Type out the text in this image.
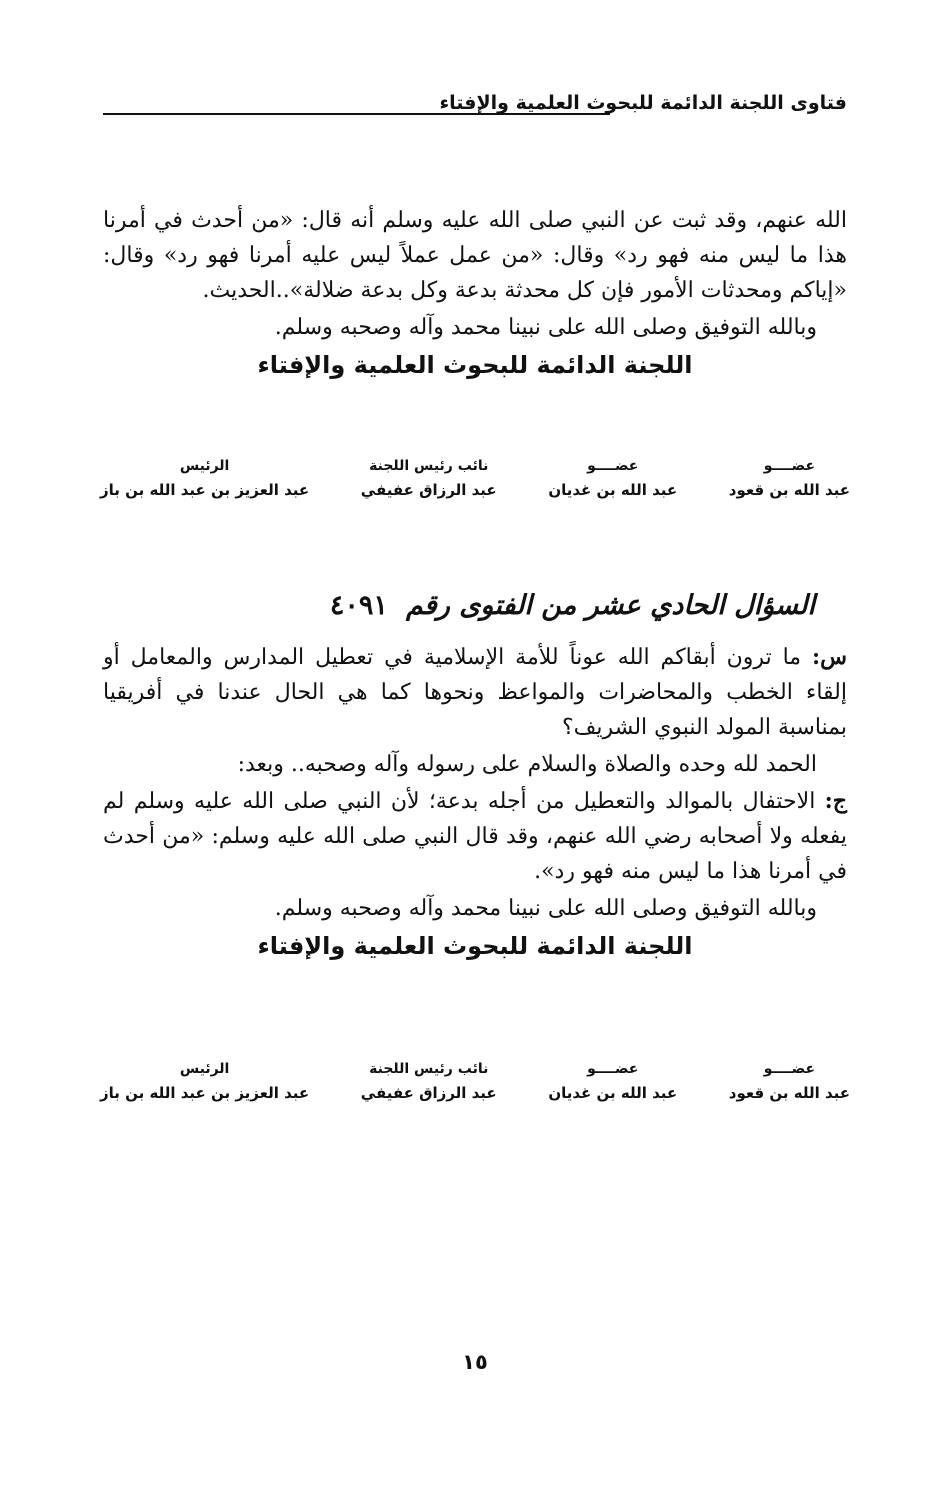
فتاوى اللجنة الدائمة للبحوث العلمية والإفتاء

الله عنهم، وقد ثبت عن النبي صلى الله عليه وسلم أنه قال: «من أحدث في أمرنا هذا ما ليس منه فهو رد» وقال: «من عمل عملاً ليس عليه أمرنا فهو رد» وقال: «إياكم ومحدثات الأمور فإن كل محدثة بدعة وكل بدعة ضلالة»..الحديث.

وبالله التوفيق وصلى الله على نبينا محمد وآله وصحبه وسلم.

اللجنة الدائمة للبحوث العلمية والإفتاء

عضــــو
عبد الله بن قعود
عضــــو
عبد الله بن غديان
نائب رئيس اللجنة
عبد الرزاق عفيفي
الرئيس
عبد العزيز بن عبد الله بن باز
السؤال الحادي عشر من الفتوى رقم٤٠٩١

س: ما ترون أبقاكم الله عوناً للأمة الإسلامية في تعطيل المدارس والمعامل أو إلقاء الخطب والمحاضرات والمواعظ ونحوها كما هي الحال عندنا في أفريقيا بمناسبة المولد النبوي الشريف؟

الحمد لله وحده والصلاة والسلام على رسوله وآله وصحبه.. وبعد:

ج: الاحتفال بالموالد والتعطيل من أجله بدعة؛ لأن النبي صلى الله عليه وسلم لم يفعله ولا أصحابه رضي الله عنهم، وقد قال النبي صلى الله عليه وسلم: «من أحدث في أمرنا هذا ما ليس منه فهو رد».

وبالله التوفيق وصلى الله على نبينا محمد وآله وصحبه وسلم.

اللجنة الدائمة للبحوث العلمية والإفتاء

عضــــو
عبد الله بن قعود
عضــــو
عبد الله بن غديان
نائب رئيس اللجنة
عبد الرزاق عفيفي
الرئيس
عبد العزيز بن عبد الله بن باز
١٥
